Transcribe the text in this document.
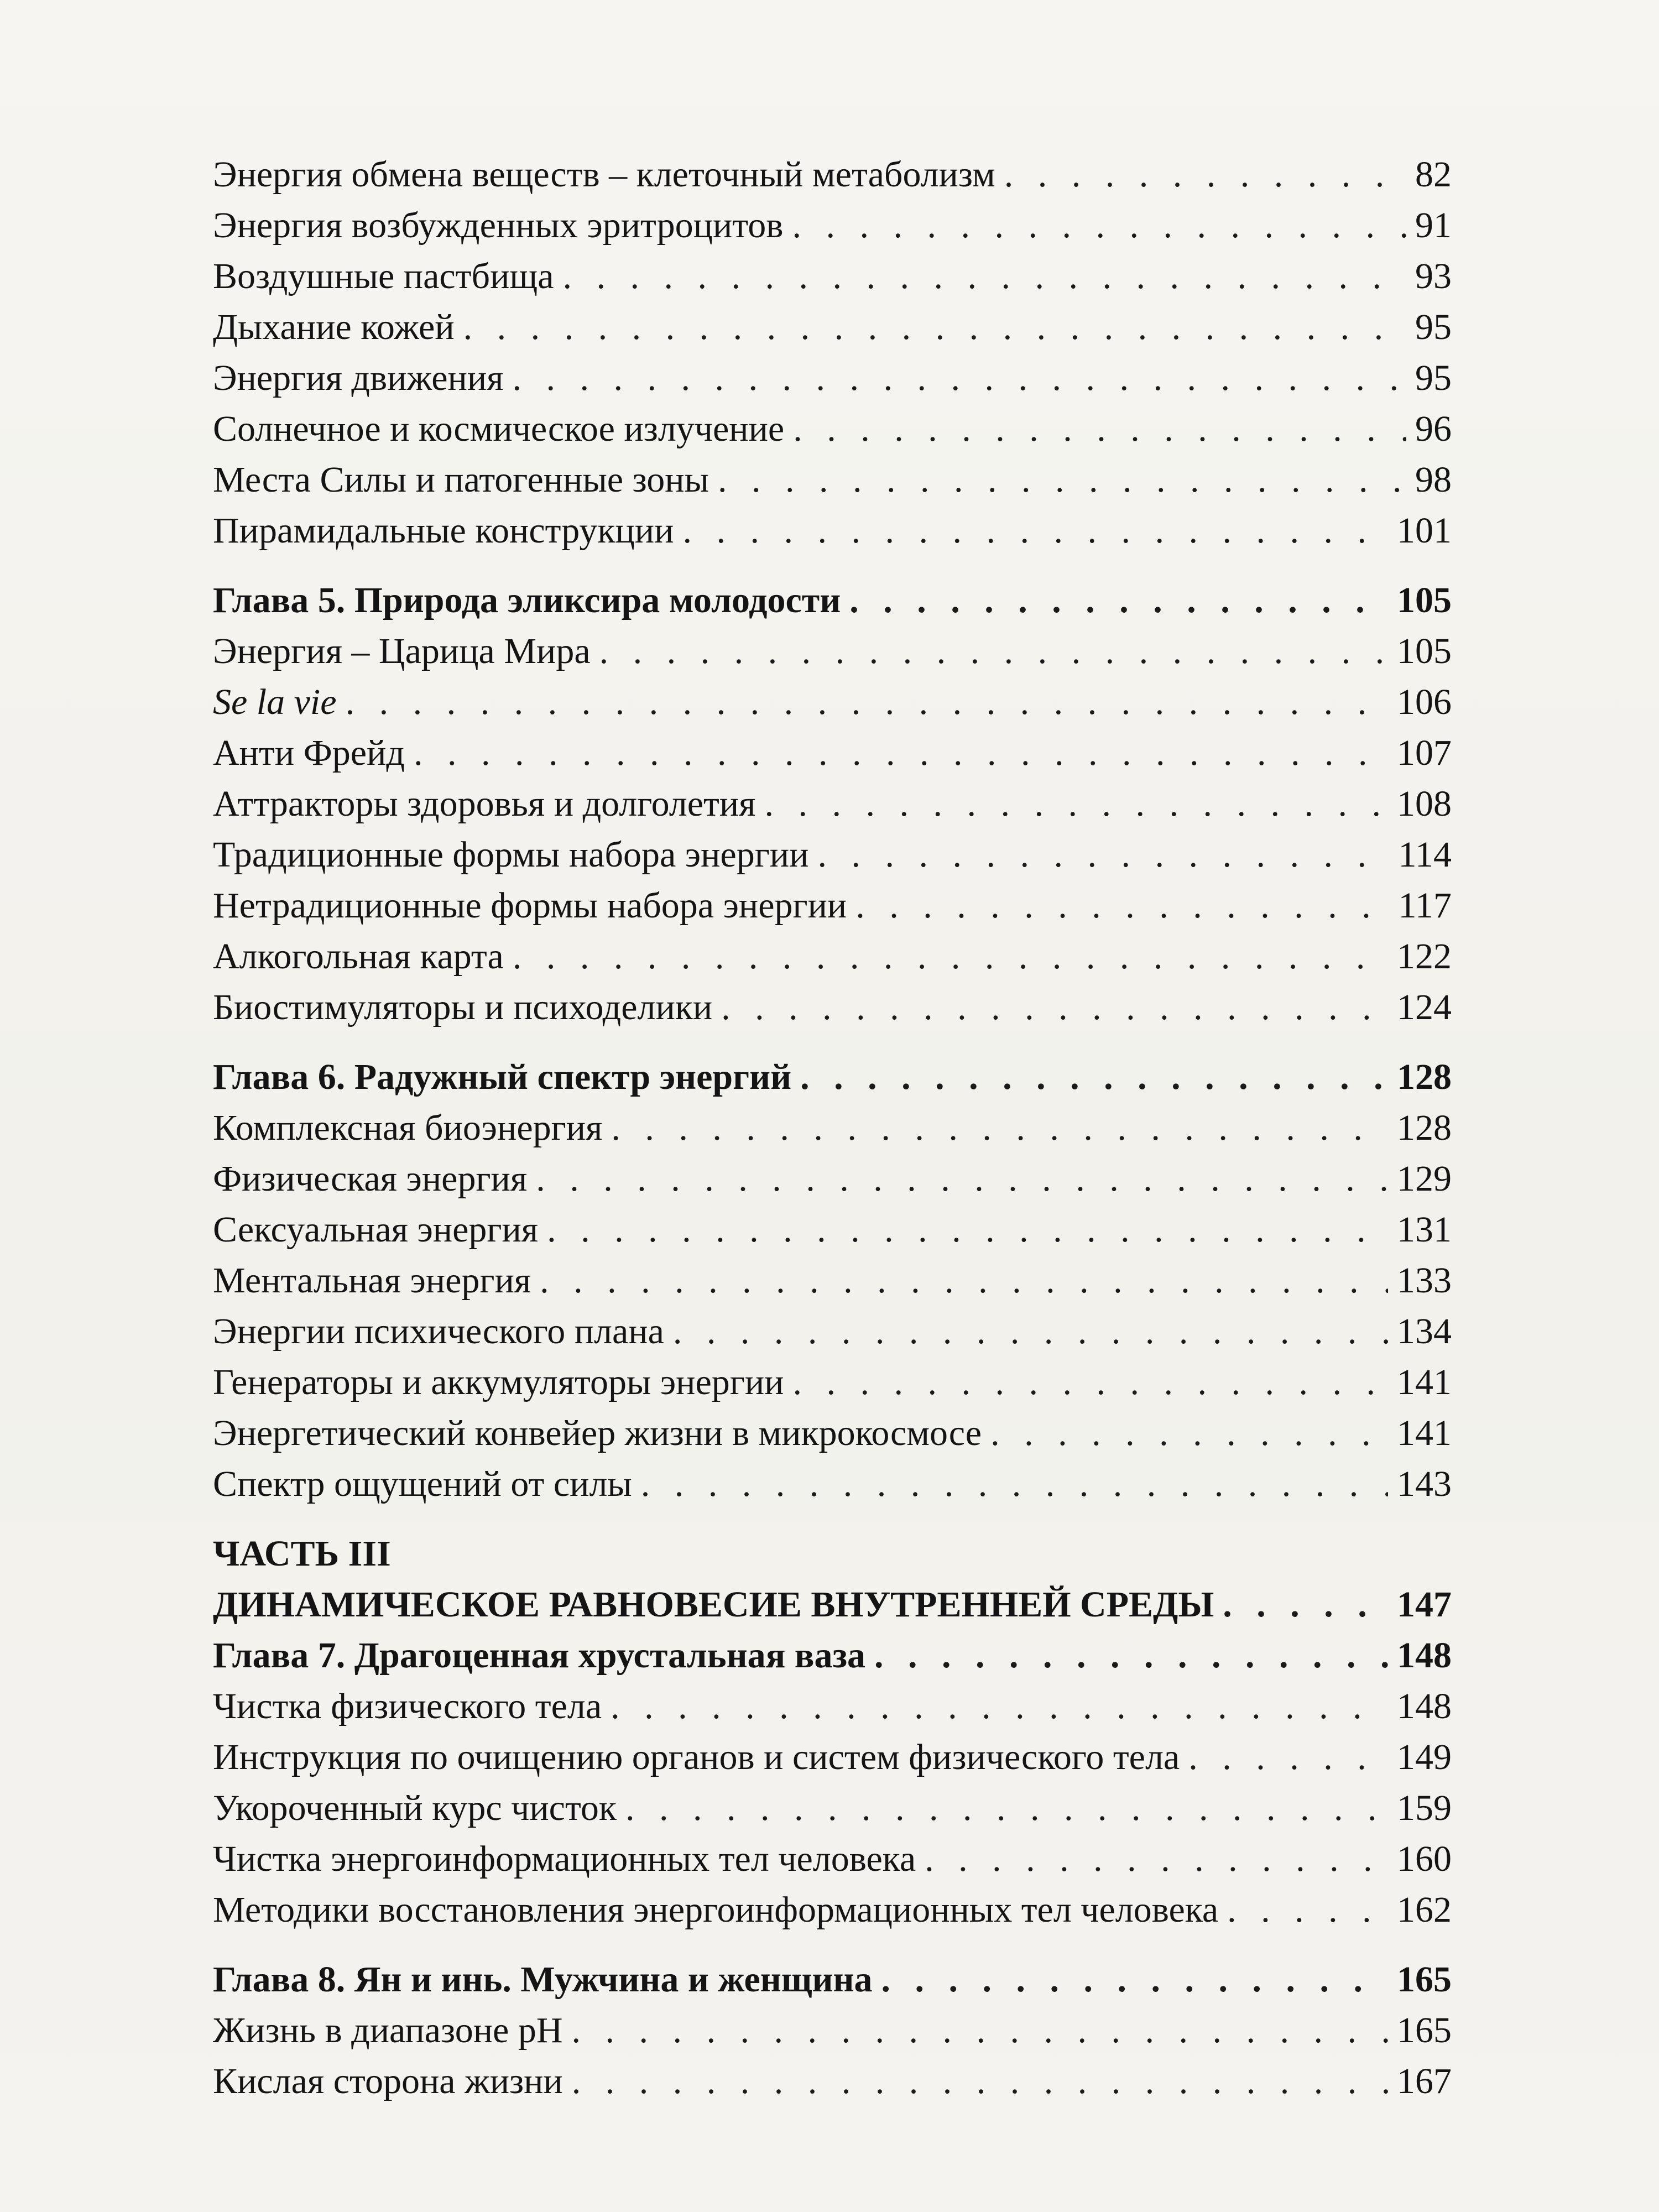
Энергия обмена веществ – клеточный метаболизм . . .	82
Энергия возбужденных эритроцитов . . .	91
Воздушные пастбища . . .	93
Дыхание кожей . . .	95
Энергия движения . . .	95
Солнечное и космическое излучение . . .	96
Места Силы и патогенные зоны . . .	98
Пирамидальные конструкции . . .	101
Глава 5. Природа эликсира молодости . . .	105
Энергия – Царица Мира . . .	105
Se la vie . . .	106
Анти Фрейд . . .	107
Аттракторы здоровья и долголетия . . .	108
Традиционные формы набора энергии . . .	114
Нетрадиционные формы набора энергии . . .	117
Алкогольная карта . . .	122
Биостимуляторы и психоделики . . .	124
Глава 6. Радужный спектр энергий . . .	128
Комплексная биоэнергия . . .	128
Физическая энергия . . .	129
Сексуальная энергия . . .	131
Ментальная энергия . . .	133
Энергии психического плана . . .	134
Генераторы и аккумуляторы энергии . . .	141
Энергетический конвейер жизни в микрокосмосе . . .	141
Спектр ощущений от силы . . .	143
ЧАСТЬ III
ДИНАМИЧЕСКОЕ РАВНОВЕСИЕ ВНУТРЕННЕЙ СРЕДЫ . . .	147
Глава 7. Драгоценная хрустальная ваза . . .	148
Чистка физического тела . . .	148
Инструкция по очищению органов и систем физического тела . . .	149
Укороченный курс чисток . . .	159
Чистка энергоинформационных тел человека . . .	160
Методики восстановления энергоинформационных тел человека . . .	162
Глава 8. Ян и инь. Мужчина и женщина . . .	165
Жизнь в диапазоне pH . . .	165
Кислая сторона жизни . . .	167
